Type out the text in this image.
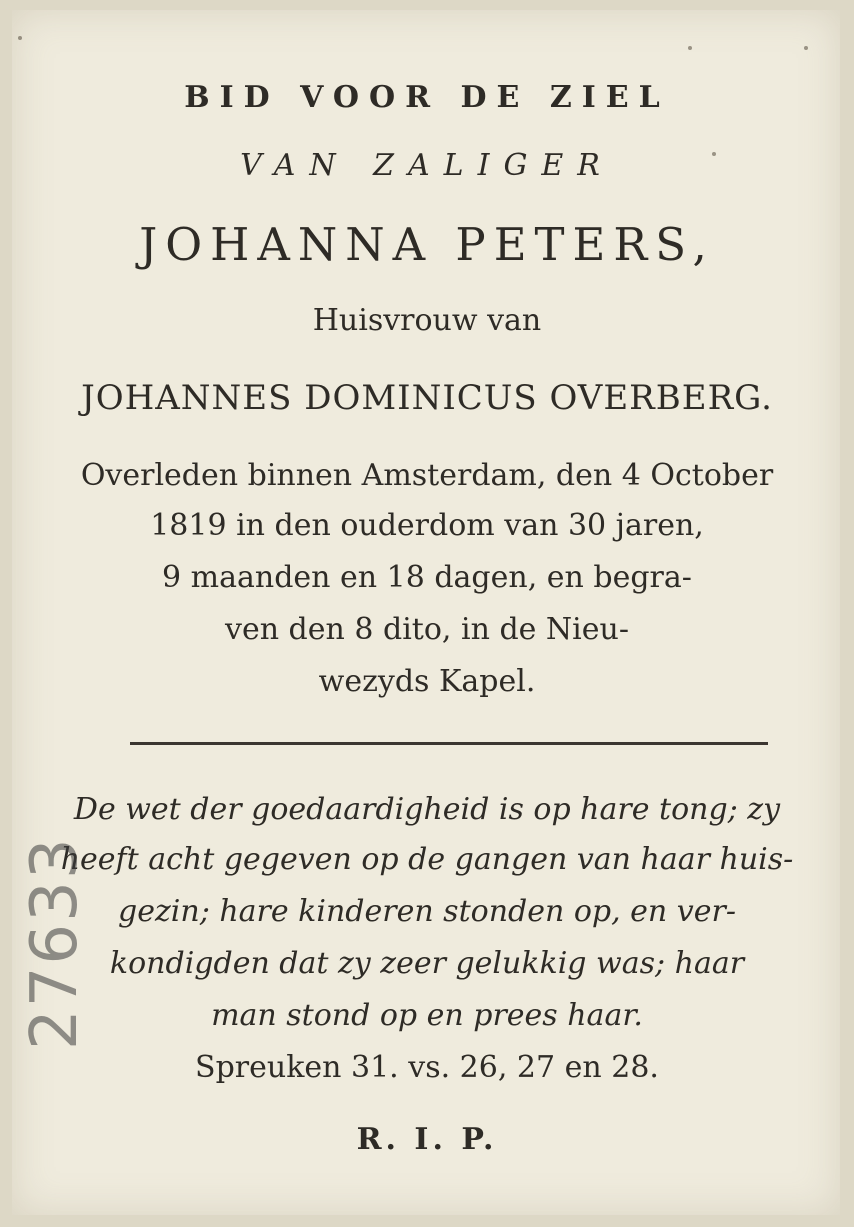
BID VOOR DE ZIEL
VAN ZALIGER
JOHANNA PETERS,
Huisvrouw van
JOHANNES DOMINICUS OVERBERG.
Overleden binnen Amsterdam, den 4 October
1819 in den ouderdom van 30 jaren,
9 maanden en 18 dagen, en begra-
ven den 8 dito, in de Nieu-
wezyds Kapel.
De wet der goedaardigheid is op hare tong; zy
heeft acht gegeven op de gangen van haar huis-
gezin; hare kinderen stonden op, en ver-
kondigden dat zy zeer gelukkig was; haar
man stond op en prees haar.
Spreuken 31. vs. 26, 27 en 28.
R. I. P.
27633
